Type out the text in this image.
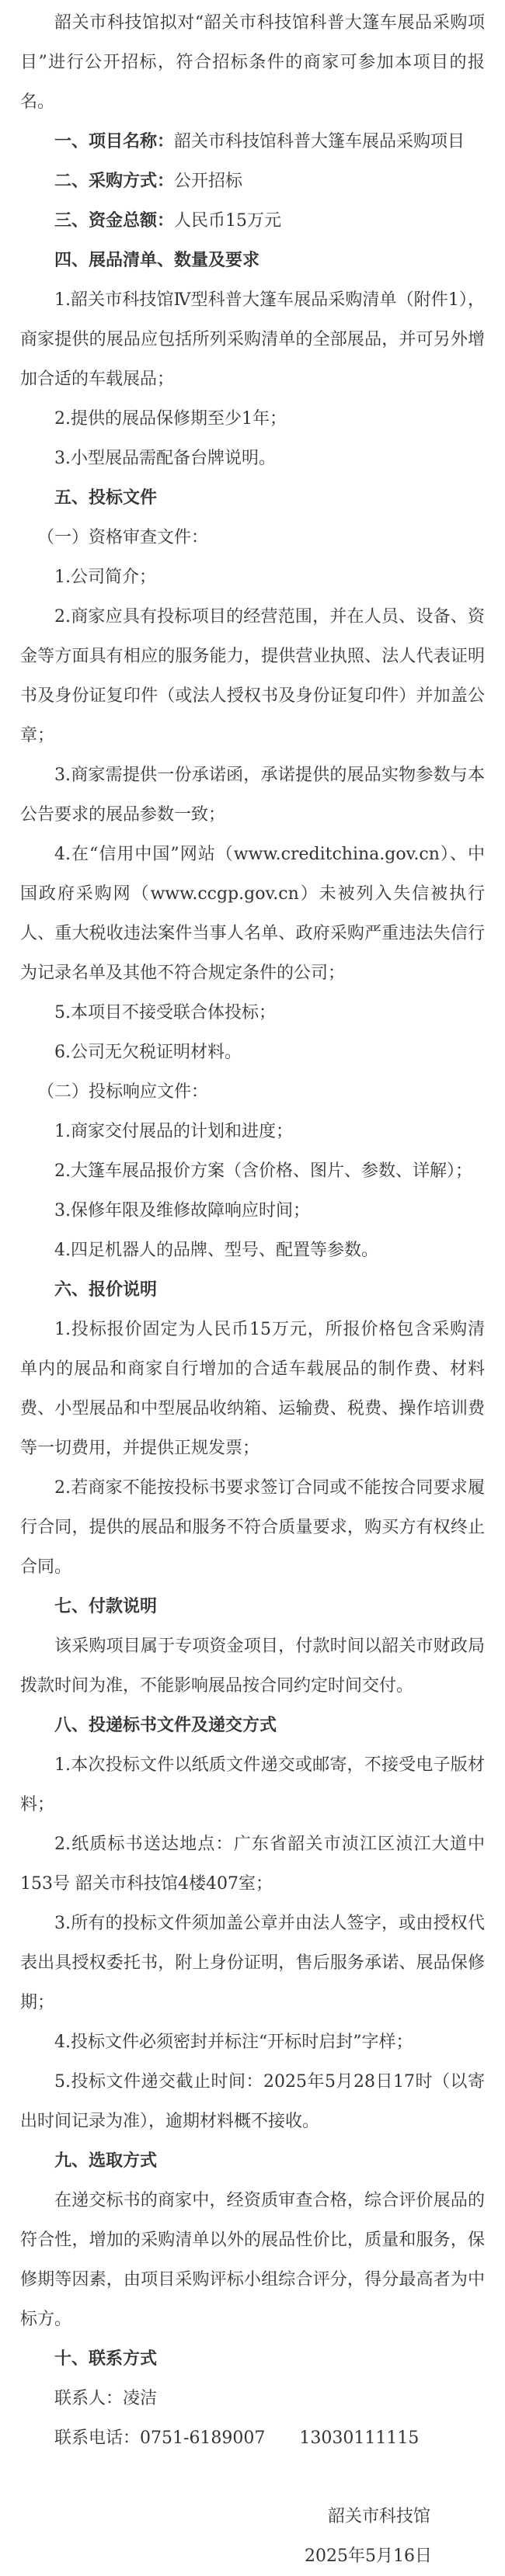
韶关市科技馆拟对“韶关市科技馆科普大篷车展品采购项目”进行公开招标，符合招标条件的商家可参加本项目的报名。

一、项目名称：韶关市科技馆科普大篷车展品采购项目

二、采购方式：公开招标

三、资金总额：人民币15万元

四、展品清单、数量及要求

1.韶关市科技馆Ⅳ型科普大篷车展品采购清单（附件1），商家提供的展品应包括所列采购清单的全部展品，并可另外增加合适的车载展品；

2.提供的展品保修期至少1年；

3.小型展品需配备台牌说明。

五、投标文件

（一）资格审查文件：

1.公司简介；

2.商家应具有投标项目的经营范围，并在人员、设备、资金等方面具有相应的服务能力，提供营业执照、法人代表证明书及身份证复印件（或法人授权书及身份证复印件）并加盖公章；

3.商家需提供一份承诺函，承诺提供的展品实物参数与本公告要求的展品参数一致；

4.在“信用中国”网站（www.creditchina.gov.cn）、中国政府采购网（www.ccgp.gov.cn）未被列入失信被执行人、重大税收违法案件当事人名单、政府采购严重违法失信行为记录名单及其他不符合规定条件的公司；

5.本项目不接受联合体投标；

6.公司无欠税证明材料。

（二）投标响应文件：

1.商家交付展品的计划和进度；

2.大篷车展品报价方案（含价格、图片、参数、详解）；

3.保修年限及维修故障响应时间；

4.四足机器人的品牌、型号、配置等参数。

六、报价说明

1.投标报价固定为人民币15万元，所报价格包含采购清单内的展品和商家自行增加的合适车载展品的制作费、材料费、小型展品和中型展品收纳箱、运输费、税费、操作培训费等一切费用，并提供正规发票；

2.若商家不能按投标书要求签订合同或不能按合同要求履行合同，提供的展品和服务不符合质量要求，购买方有权终止合同。

七、付款说明

该采购项目属于专项资金项目，付款时间以韶关市财政局拨款时间为准，不能影响展品按合同约定时间交付。

八、投递标书文件及递交方式

1.本次投标文件以纸质文件递交或邮寄，不接受电子版材料；

2.纸质标书送达地点：广东省韶关市浈江区浈江大道中153号 韶关市科技馆4楼407室；

3.所有的投标文件须加盖公章并由法人签字，或由授权代表出具授权委托书，附上身份证明，售后服务承诺、展品保修期；

4.投标文件必须密封并标注“开标时启封”字样；

5.投标文件递交截止时间：2025年5月28日17时（以寄出时间记录为准），逾期材料概不接收。

九、选取方式

在递交标书的商家中，经资质审查合格，综合评价展品的符合性，增加的采购清单以外的展品性价比，质量和服务，保修期等因素，由项目采购评标小组综合评分，得分最高者为中标方。

十、联系方式

联系人：凌洁

联系电话：0751-6189007　　13030111115

韶关市科技馆

2025年5月16日
